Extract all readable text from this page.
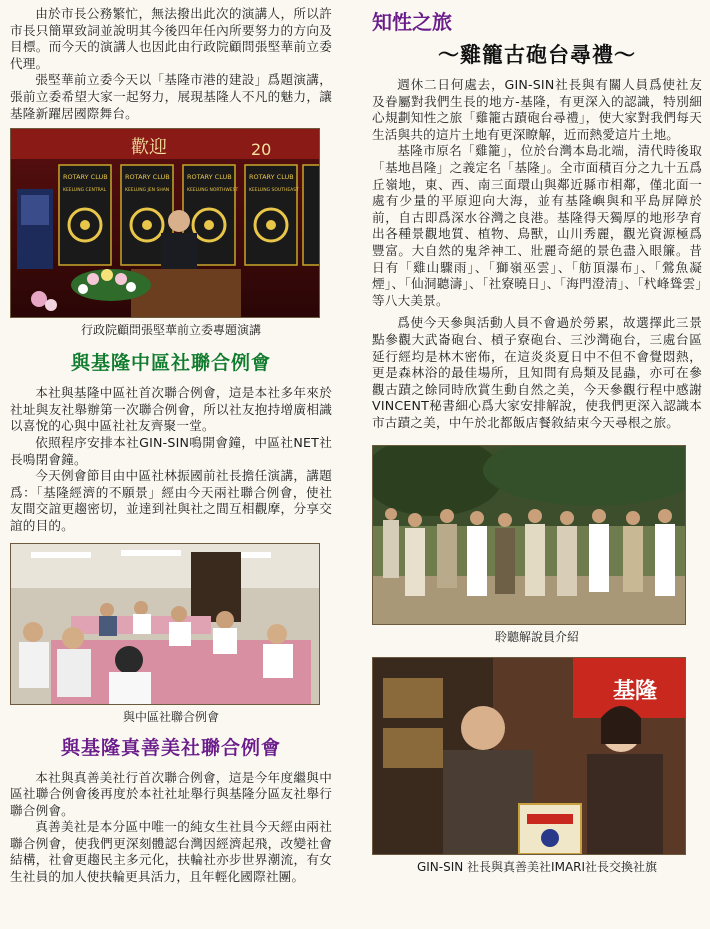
由於市長公務繁忙，無法撥出此次的演講人，所以許市長只簡單致詞並說明其今後四年任內所要努力的方向及目標。而今天的演講人也因此由行政院顧問張堅華前立委代理。

張堅華前立委今天以「基隆市港的建設」爲題演講，張前立委希望大家一起努力，展現基隆人不凡的魅力，讓基隆新躍居國際舞台。

歡迎	20
ROTARY CLUB
KEELUNG CENTRAL
ROTARY CLUB
KEELUNG JEN SHAN
ROTARY CLUB
KEELUNG NORTHWEST
ROTARY CLUB
KEELUNG SOUTHEAST

行政院顧問張堅華前立委專題演講

與基隆中區社聯合例會

本社與基隆中區社首次聯合例會，這是本社多年來於社址與友社舉辦第一次聯合例會，所以社友抱持增廣相識以喜悅的心與中區社社友齊聚一堂。

依照程序安排本社GIN-SIN鳴開會鐘，中區社NET社長鳴閉會鐘。

今天例會節目由中區社林振國前社長擔任演講，講題爲：「基隆經濟的不願景」經由今天兩社聯合例會，使社友間交誼更趨密切，並達到社與社之間互相觀摩，分享交誼的目的。

與中區社聯合例會

與基隆真善美社聯合例會

本社與真善美社行首次聯合例會，這是今年度繼與中區社聯合例會後再度於本社社址舉行與基隆分區友社舉行聯合例會。

真善美社是本分區中唯一的純女生社員今天經由兩社聯合例會，使我們更深刻體認台灣因經濟起飛，改變社會結構，社會更趨民主多元化，扶輪社亦步世界潮流，有女生社員的加人使扶輪更具活力，且年輕化國際社團。

知性之旅
〜雞籠古砲台尋禮〜

週休二日何處去，GIN-SIN社長與有關人員爲使社友及眷屬對我們生長的地方-基隆，有更深入的認識，特別細心規劃知性之旅「雞籠古蹟砲台尋禮」，使大家對我們每天生活與共的這片土地有更深瞭解，近而熱愛這片土地。

基隆市原名「雞籠」，位於台灣本島北端，清代時後取「基地昌隆」之義定名「基隆」。全市面積百分之九十五爲丘嶺地，東、西、南三面環山與鄰近縣市相鄰，僅北面一處有少量的平原迎向大海，並有基隆嶼與和平島屏障於前，自古即爲深水谷灣之良港。基隆得天獨厚的地形孕育出各種景觀地質、植物、鳥獸，山川秀麗，觀光資源極爲豐富。大自然的鬼斧神工、壯麗奇絕的景色盡入眼簾。昔日有「雞山驟雨」、「獅嶺巫雲」、「舫頂瀑布」、「鶯魚凝煙」、「仙洞聽濤」、「社寮曉日」、「海門澄清」、「杙峰聳雲」等八大美景。

爲使今天參與活動人員不會過於勞累，故選擇此三景點參觀大武崙砲台、槓子寮砲台、三沙灣砲台，三處台區延行經均是林木密佈，在這炎炎夏日中不但不會覺悶熱，更是森林浴的最佳場所，且知問有鳥類及昆蟲，亦可在參觀古蹟之餘同時欣賞生動自然之美，今天參觀行程中感謝VINCENT秘書細心爲大家安排解說，使我們更深入認識本市古蹟之美，中午於北都飯店餐敘結束今天尋根之旅。

聆聽解說員介紹

基隆

GIN-SIN 社長與真善美社IMARI社長交換社旗
